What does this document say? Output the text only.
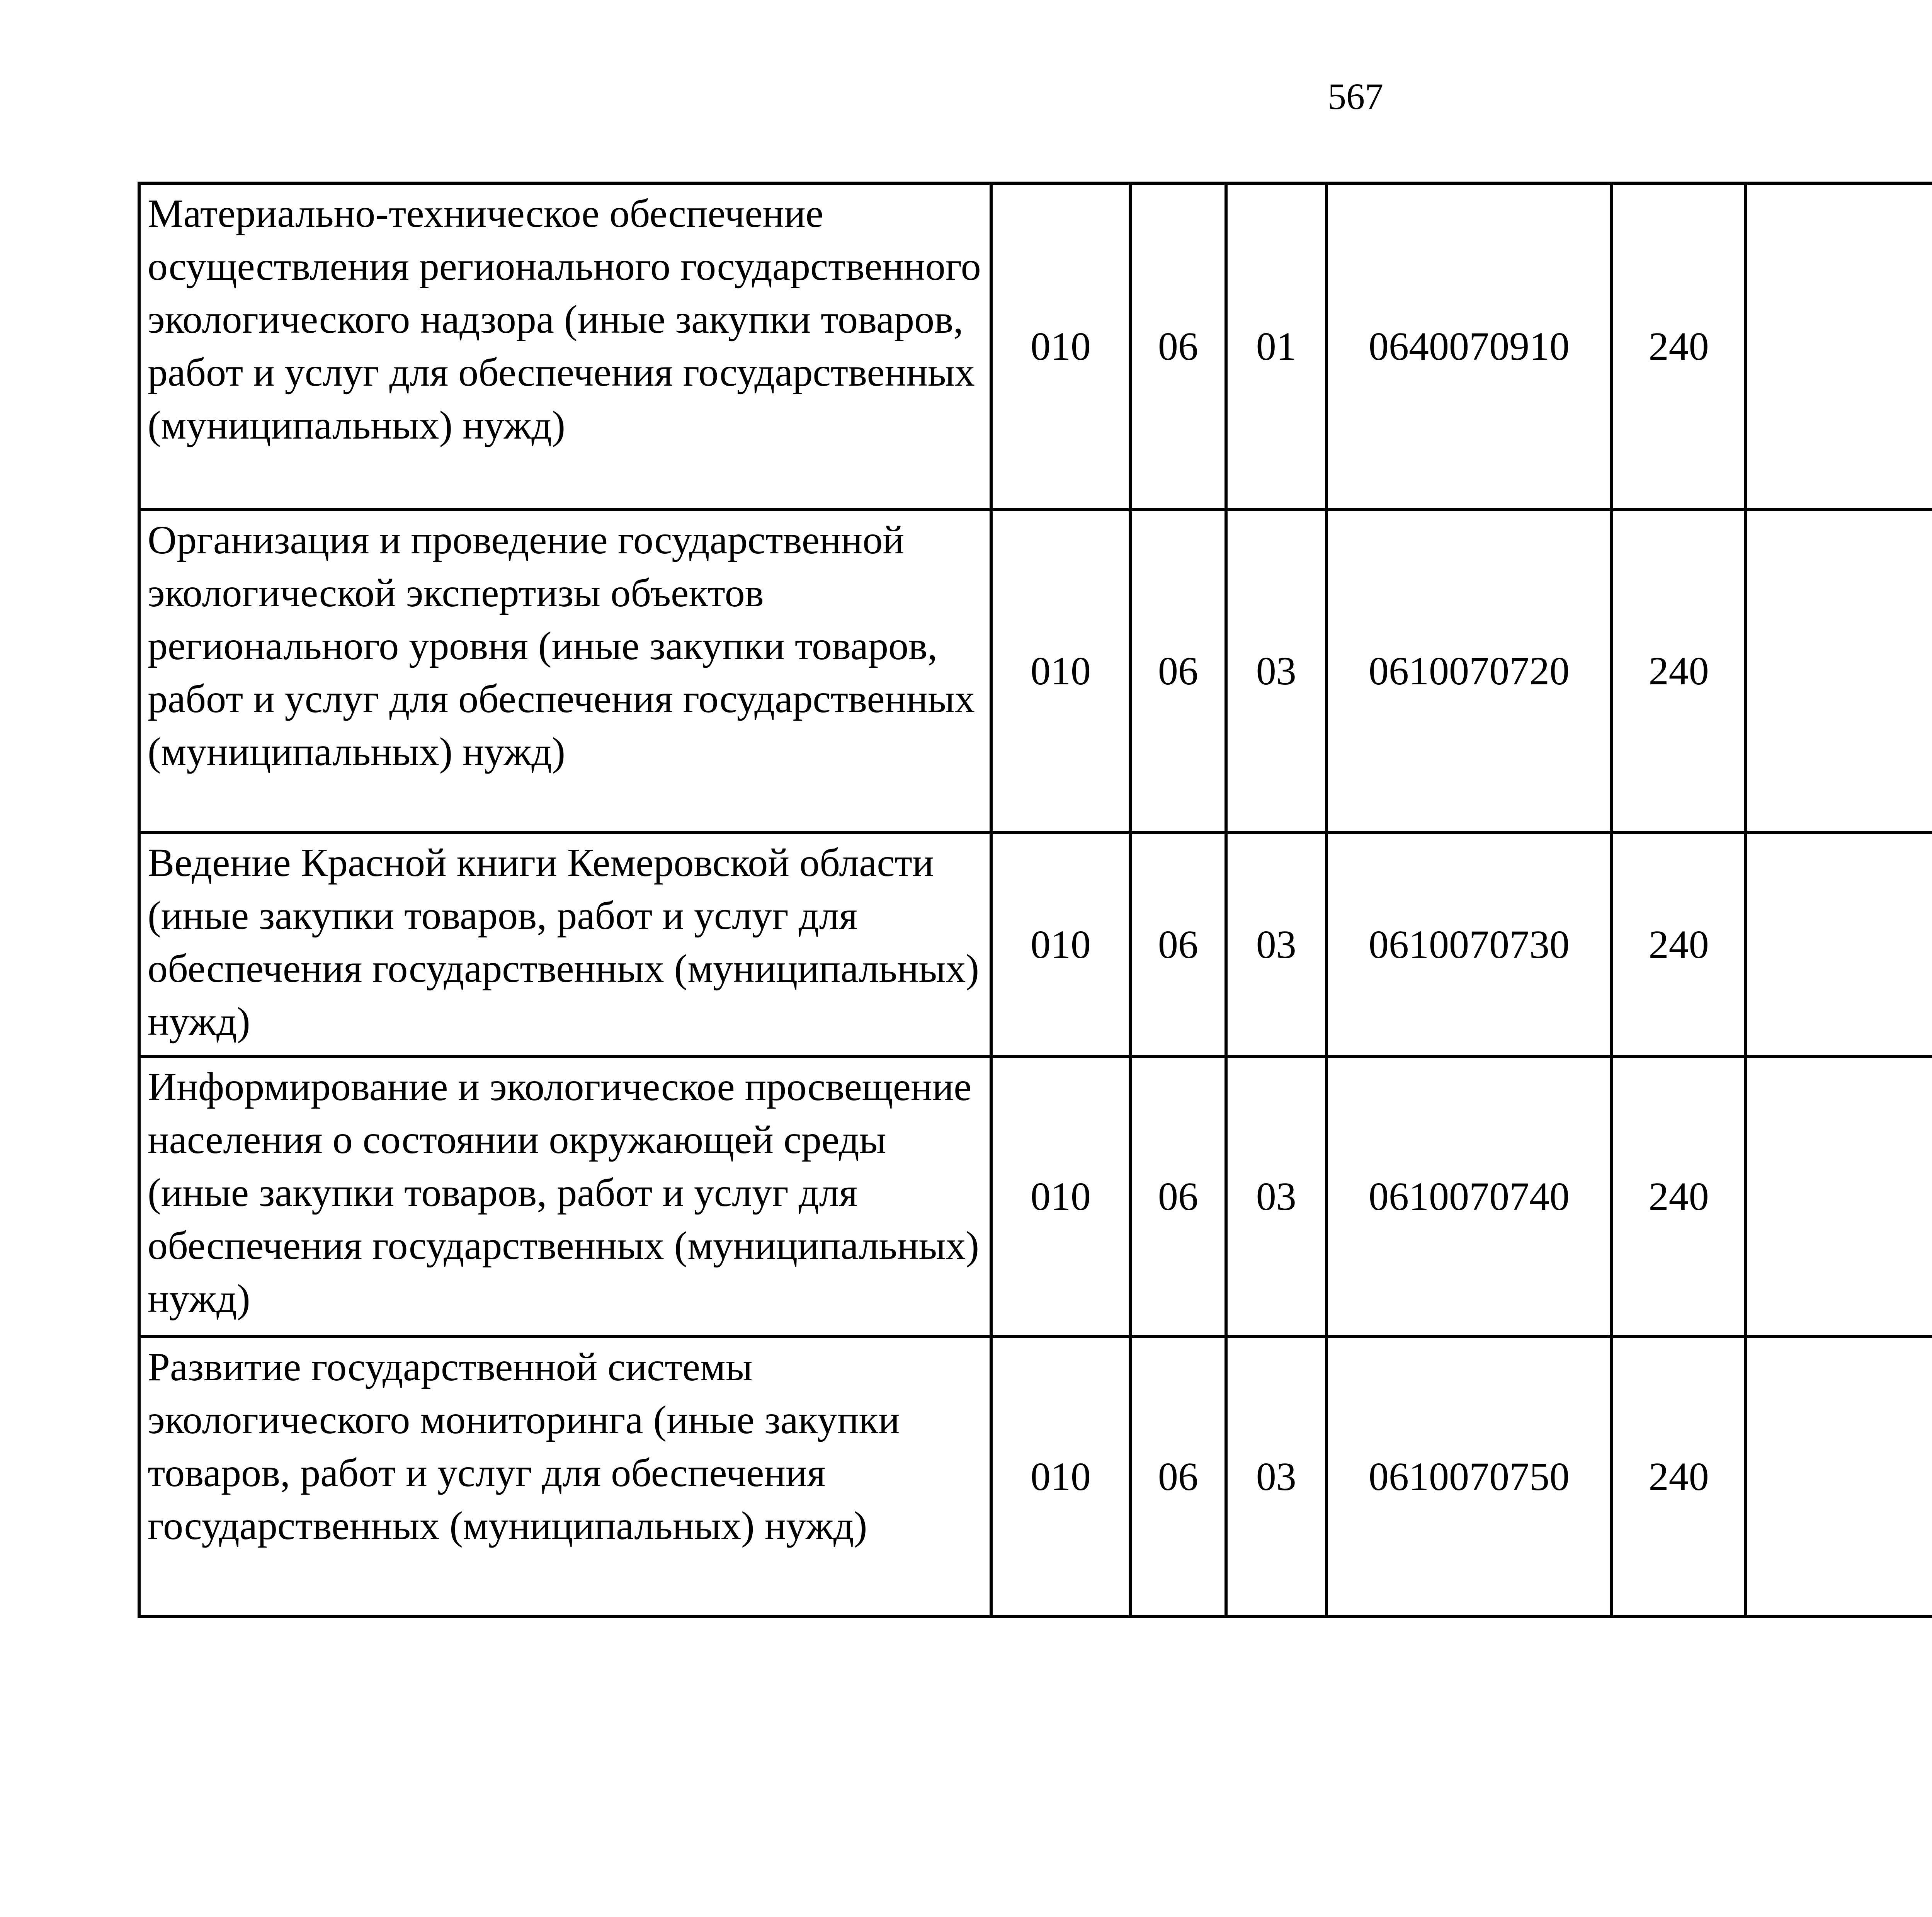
567
Материально-техническое обеспечение осуществления регионального государственного экологического надзора (иные закупки товаров, работ и услуг для обеспечения государственных (муниципальных) нужд)	010	06	01	0640070910	240			
Организация и проведение государственной экологической экспертизы объектов регионального уровня (иные закупки товаров, работ и услуг для обеспечения государственных (муниципальных) нужд)	010	06	03	0610070720	240			
Ведение Красной книги Кемеровской области (иные закупки товаров, работ и услуг для обеспечения государственных (муниципальных) нужд)	010	06	03	0610070730	240			
Информирование и экологическое просвещение населения о состоянии окружающей среды (иные закупки товаров, работ и услуг для обеспечения государственных (муниципальных) нужд)	010	06	03	0610070740	240			
Развитие государственной системы экологического мониторинга (иные закупки товаров, работ и услуг для обеспечения государственных (муниципальных) нужд)	010	06	03	0610070750	240			
